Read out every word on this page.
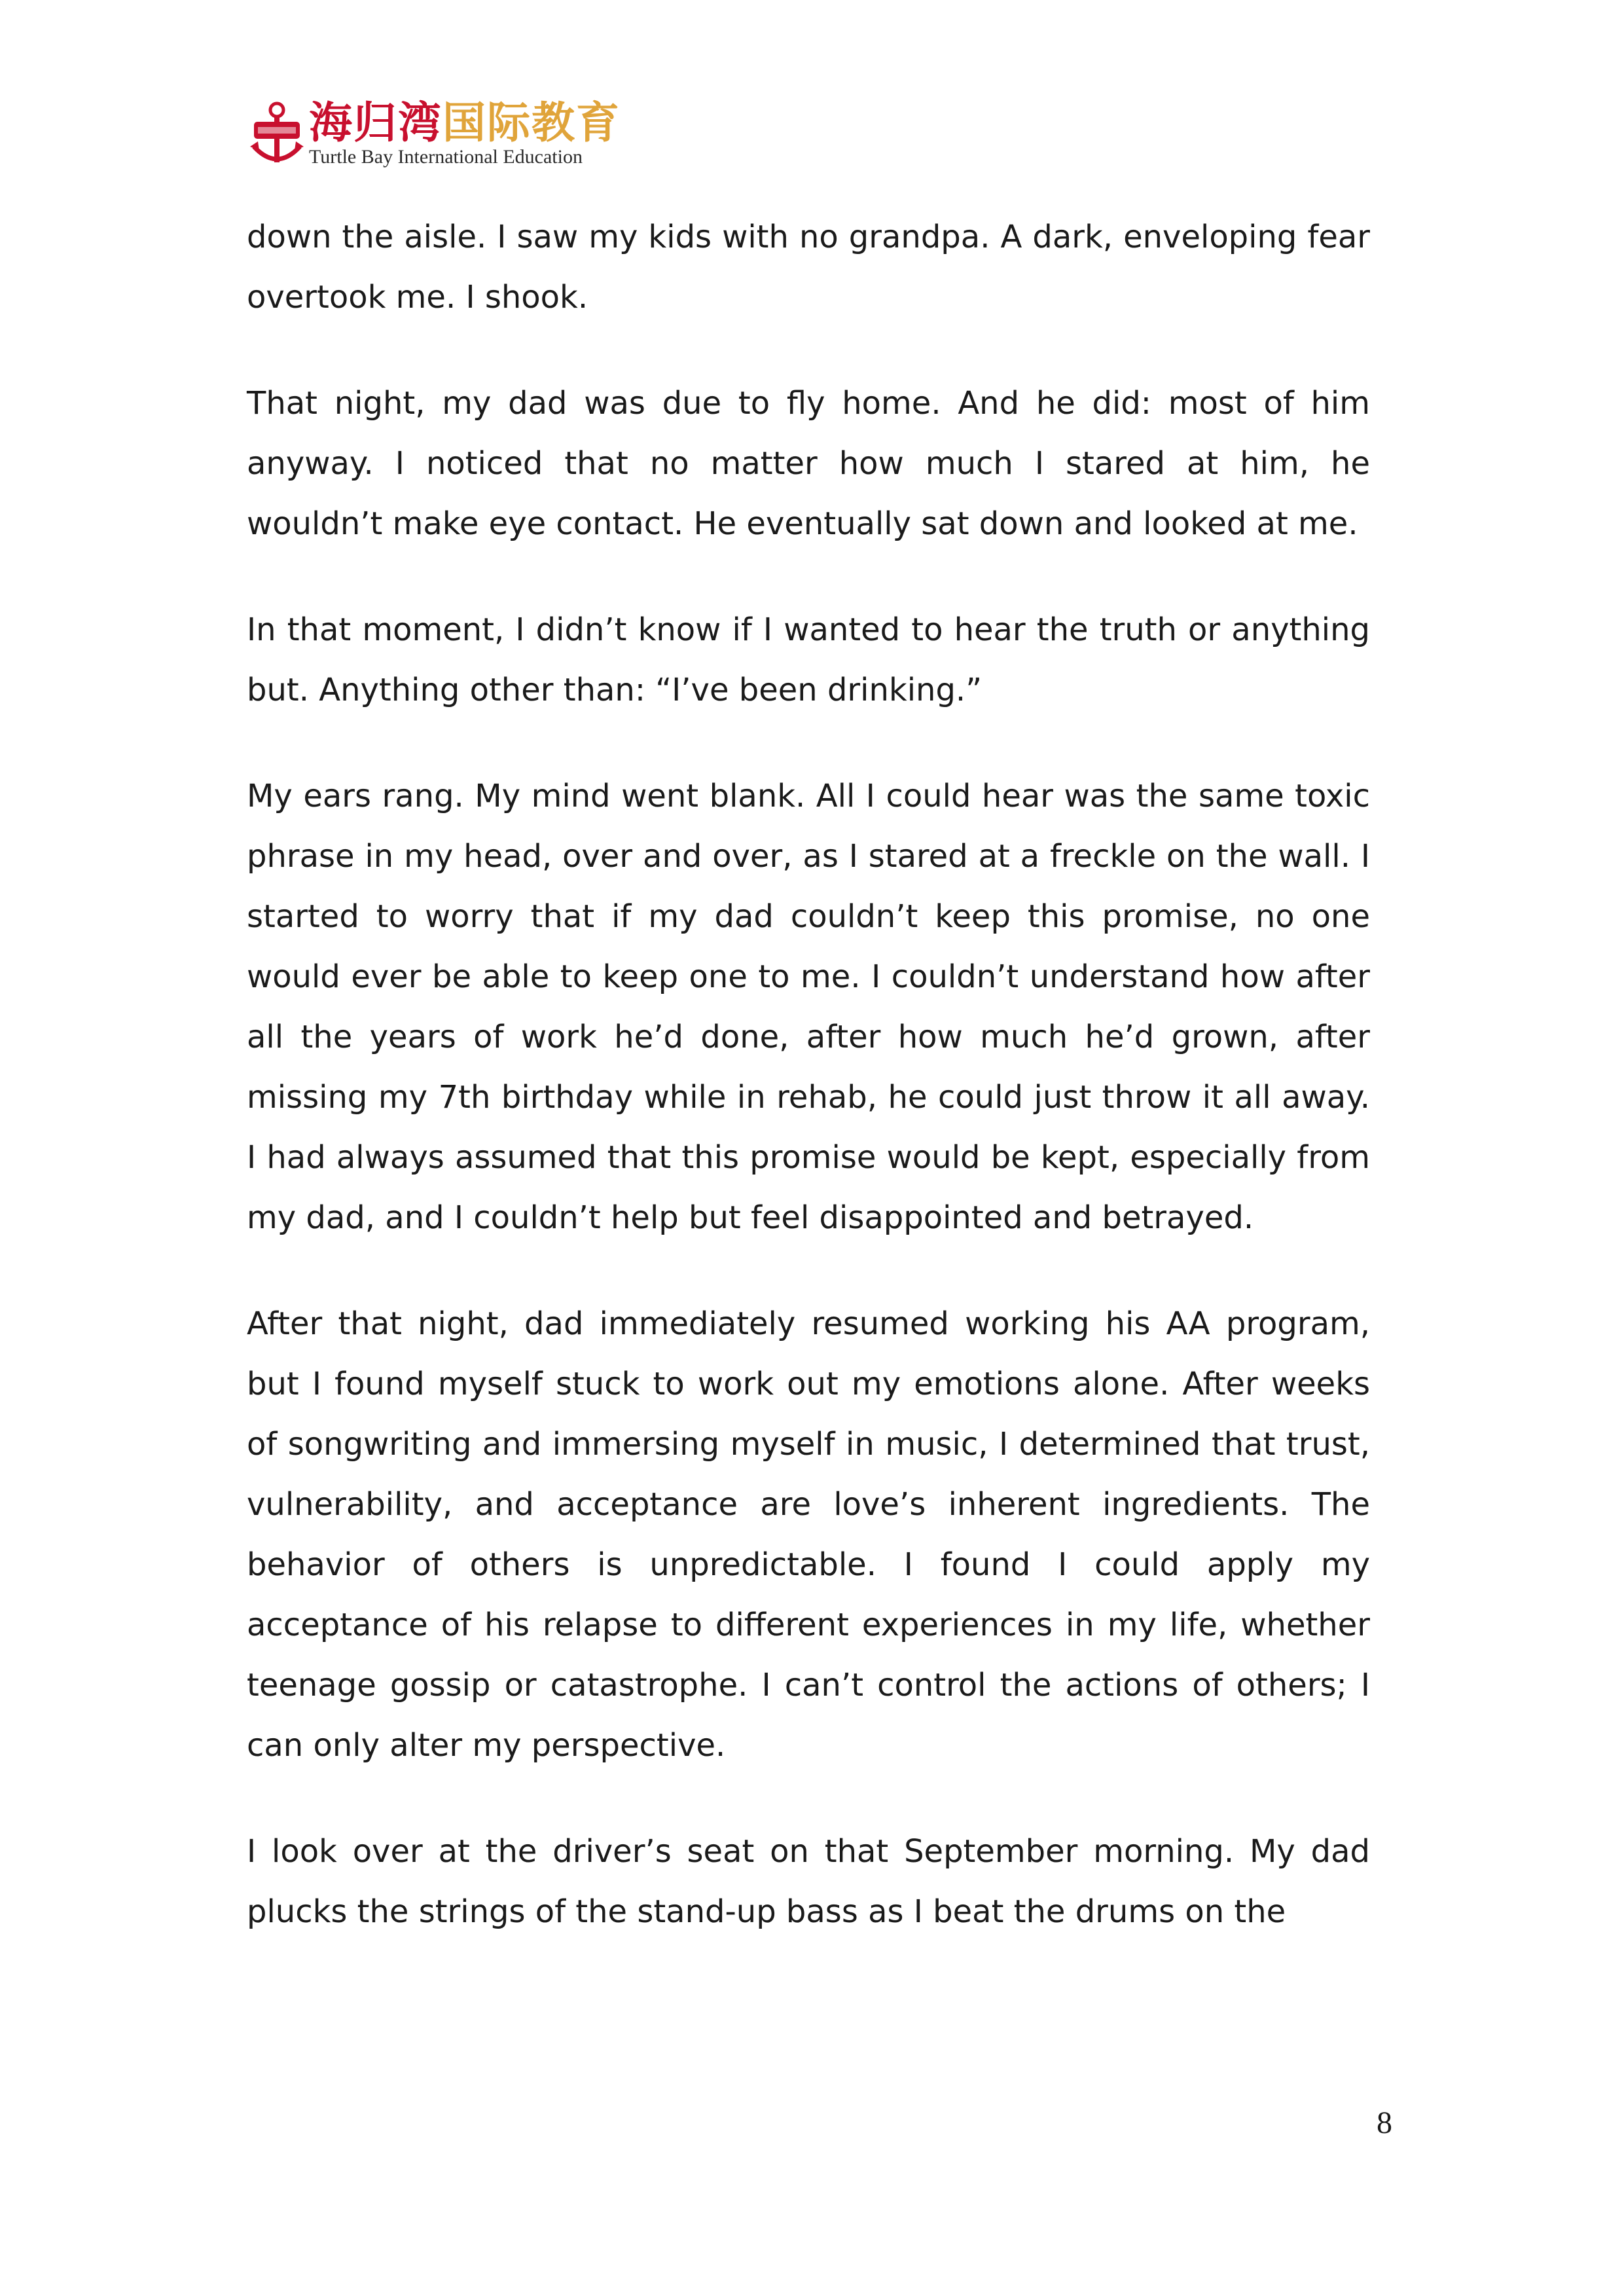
海归湾国际教育
Turtle Bay International Education

down the aisle. I saw my kids with no grandpa. A dark, enveloping fear overtook me. I shook.

That night, my dad was due to fly home. And he did: most of him anyway. I noticed that no matter how much I stared at him, he wouldn’t make eye contact. He eventually sat down and looked at me.

In that moment, I didn’t know if I wanted to hear the truth or anything but. Anything other than: “I’ve been drinking.”

My ears rang. My mind went blank. All I could hear was the same toxic phrase in my head, over and over, as I stared at a freckle on the wall. I started to worry that if my dad couldn’t keep this promise, no one would ever be able to keep one to me. I couldn’t understand how after all the years of work he’d done, after how much he’d grown, after missing my 7th birthday while in rehab, he could just throw it all away. I had always assumed that this promise would be kept, especially from my dad, and I couldn’t help but feel disappointed and betrayed.

After that night, dad immediately resumed working his AA program, but I found myself stuck to work out my emotions alone. After weeks of songwriting and immersing myself in music, I determined that trust, vulnerability, and acceptance are love’s inherent ingredients. The behavior of others is unpredictable. I found I could apply my acceptance of his relapse to different experiences in my life, whether teenage gossip or catastrophe. I can’t control the actions of others; I can only alter my perspective.

I look over at the driver’s seat on that September morning. My dad plucks the strings of the stand-up bass as I beat the drums on the

8
